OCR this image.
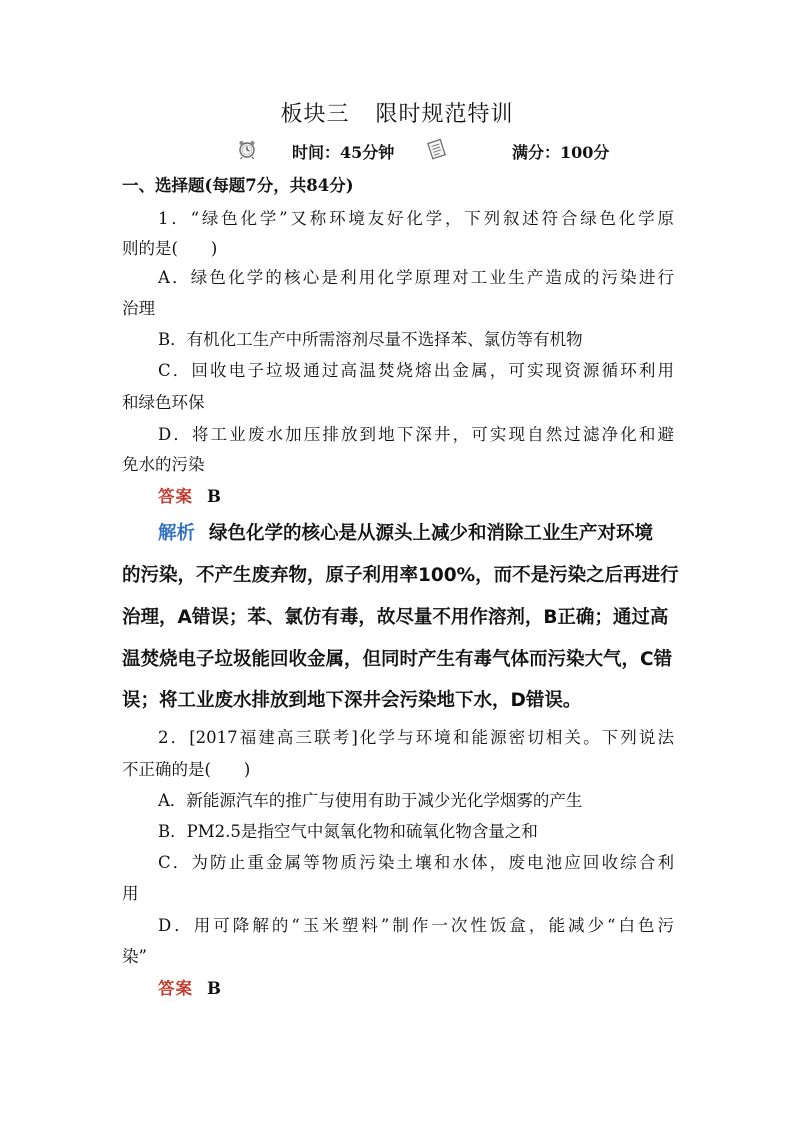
板块三 限时规范特训
时间：45分钟	满分：100分
一、选择题(每题7分，共84分)
1．“绿色化学”又称环境友好化学，下列叙述符合绿色化学原
则的是(　　)
A．绿色化学的核心是利用化学原理对工业生产造成的污染进行
治理
B．有机化工生产中所需溶剂尽量不选择苯、氯仿等有机物
C．回收电子垃圾通过高温焚烧熔出金属，可实现资源循环利用
和绿色环保
D．将工业废水加压排放到地下深井，可实现自然过滤净化和避
免水的污染
答案 B
解析 绿色化学的核心是从源头上减少和消除工业生产对环境
的污染，不产生废弃物，原子利用率100%，而不是污染之后再进行
治理，A错误；苯、氯仿有毒，故尽量不用作溶剂，B正确；通过高
温焚烧电子垃圾能回收金属，但同时产生有毒气体而污染大气，C错
误；将工业废水排放到地下深井会污染地下水，D错误。
2．[2017福建高三联考]化学与环境和能源密切相关。下列说法
不正确的是(　　)
A．新能源汽车的推广与使用有助于减少光化学烟雾的产生
B．PM2.5是指空气中氮氧化物和硫氧化物含量之和
C．为防止重金属等物质污染土壤和水体，废电池应回收综合利
用
D．用可降解的“玉米塑料”制作一次性饭盒，能减少“白色污
染”
答案 B
